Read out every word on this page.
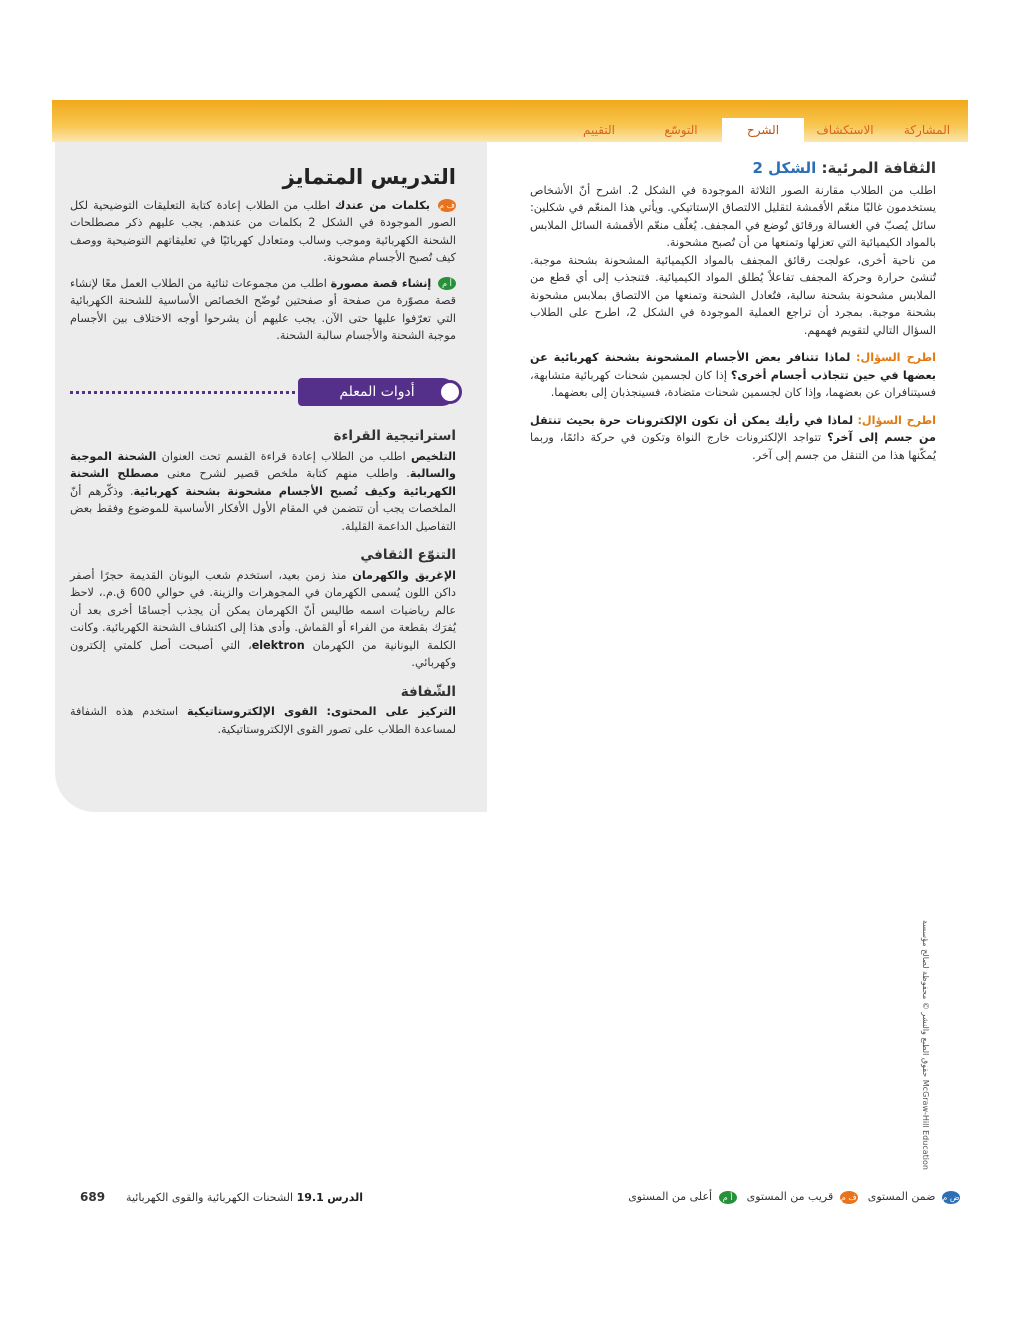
المشاركة
الاستكشاف
الشرح
التوسّع
التقييم
الثقافة المرئية: الشكل 2

اطلب من الطلاب مقارنة الصور الثلاثة الموجودة في الشكل 2. اشرح أنّ الأشخاص يستخدمون غالبًا منعّم الأقمشة لتقليل الالتصاق الإستاتيكي. ويأتي هذا المنعّم في شكلين: سائل يُصبّ في الغسالة ورقائق تُوضع في المجفف. يُغلّف منعّم الأقمشة السائل الملابس بالمواد الكيميائية التي تعزلها وتمنعها من أن تُصبح مشحونة.

من ناحية أخرى، عولجت رقائق المجفف بالمواد الكيميائية المشحونة بشحنة موجبة. تُنشئ حرارة وحركة المجفف تفاعلاً يُطلق المواد الكيميائية. فتنجذب إلى أي قطع من الملابس مشحونة بشحنة سالبة، فتُعادل الشحنة وتمنعها من الالتصاق بملابس مشحونة بشحنة موجبة. بمجرد أن تراجع العملية الموجودة في الشكل 2، اطرح على الطلاب السؤال التالي لتقويم فهمهم.

اطرح السؤال: لماذا تتنافر بعض الأجسام المشحونة بشحنة كهربائية عن بعضها في حين تتجاذب أجسام أخرى؟ إذا كان لجسمين شحنات كهربائية متشابهة، فسيتنافران عن بعضهما، وإذا كان لجسمين شحنات متضادة، فسينجذبان إلى بعضهما.
اطرح السؤال: لماذا في رأيك يمكن أن تكون الإلكترونات حرة بحيث تنتقل من جسم إلى آخر؟ تتواجد الإلكترونات خارج النواة وتكون في حركة دائمًا، وربما يُمكّنها هذا من التنقل من جسم إلى آخر.
التدريس المتمايز
ف م بكلمات من عندك اطلب من الطلاب إعادة كتابة التعليقات التوضيحية لكل الصور الموجودة في الشكل 2 بكلمات من عندهم. يجب عليهم ذكر مصطلحات الشحنة الكهربائية وموجب وسالب ومتعادل كهربائيًا في تعليقاتهم التوضيحية ووصف كيف تُصبح الأجسام مشحونة.
أ م إنشاء قصة مصورة اطلب من مجموعات ثنائية من الطلاب العمل معًا لإنشاء قصة مصوّرة من صفحة أو صفحتين تُوضّح الخصائص الأساسية للشحنة الكهربائية التي تعرّفوا عليها حتى الآن. يجب عليهم أن يشرحوا أوجه الاختلاف بين الأجسام موجبة الشحنة والأجسام سالبة الشحنة.
أدوات المعلم
استراتيجية القراءة

التلخيص اطلب من الطلاب إعادة قراءة القسم تحت العنوان الشحنة الموجبة والسالبة. واطلب منهم كتابة ملخص قصير لشرح معنى مصطلح الشحنة الكهربائية وكيف تُصبح الأجسام مشحونة بشحنة كهربائية. وذكّرهم أنّ الملخصات يجب أن تتضمن في المقام الأول الأفكار الأساسية للموضوع وفقط بعض التفاصيل الداعمة القليلة.

التنوّع الثقافي

الإغريق والكهرمان منذ زمن بعيد، استخدم شعب اليونان القديمة حجرًا أصفر داكن اللون يُسمى الكهرمان في المجوهرات والزينة. في حوالي 600 ق.م.، لاحظ عالم رياضيات اسمه طاليس أنّ الكهرمان يمكن أن يجذب أجسامًا أخرى بعد أن يُفرَك بقطعة من الفراء أو القماش. وأدى هذا إلى اكتشاف الشحنة الكهربائية. وكانت الكلمة اليونانية من الكهرمان elektron، التي أصبحت أصل كلمتي إلكترون وكهربائي.

الشّفافة

التركيز على المحتوى: القوى الإلكتروستاتيكية استخدم هذه الشفافة لمساعدة الطلاب على تصور القوى الإلكتروستاتيكية.

ض م ضمن المستوى
ف م قريب من المستوى
أ م أعلى من المستوى
الدرس 19.1 الشحنات الكهربائية والقوى الكهربائية      689
حقوق الطبع والنشر © محفوظة لصالح مؤسسة McGraw-Hill Education
